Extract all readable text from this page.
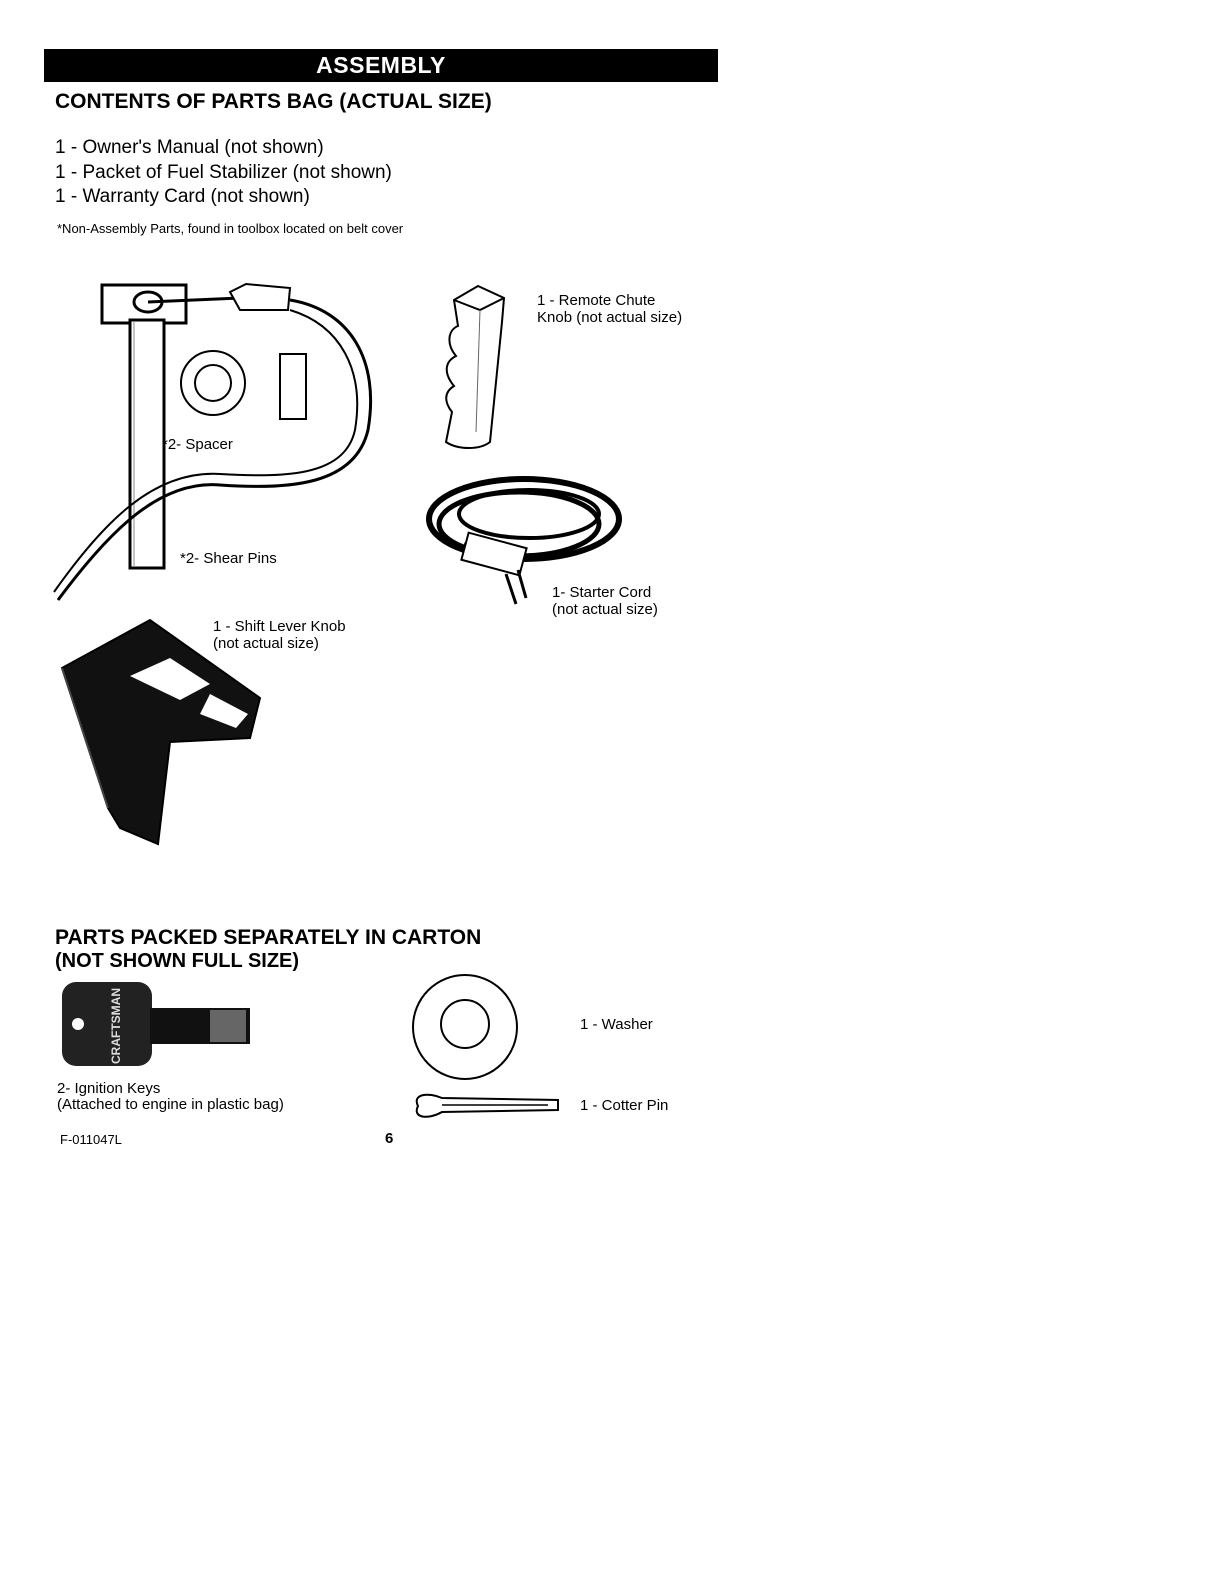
ASSEMBLY
CONTENTS OF PARTS BAG (ACTUAL SIZE)
1 - Owner's Manual (not shown)
1 - Packet of Fuel Stabilizer (not shown)
1 - Warranty Card (not shown)
*Non-Assembly Parts, found in toolbox located on belt cover
*2- Spacer
*2- Shear Pins
1 - Remote Chute
Knob (not actual size)
1- Starter Cord
(not actual size)
1 - Shift Lever Knob
(not actual size)
PARTS PACKED SEPARATELY IN CARTON
(NOT SHOWN FULL SIZE)
CRAFTSMAN
2- Ignition Keys
(Attached to engine in plastic bag)
1 - Washer
1 - Cotter Pin
F-011047L	6
